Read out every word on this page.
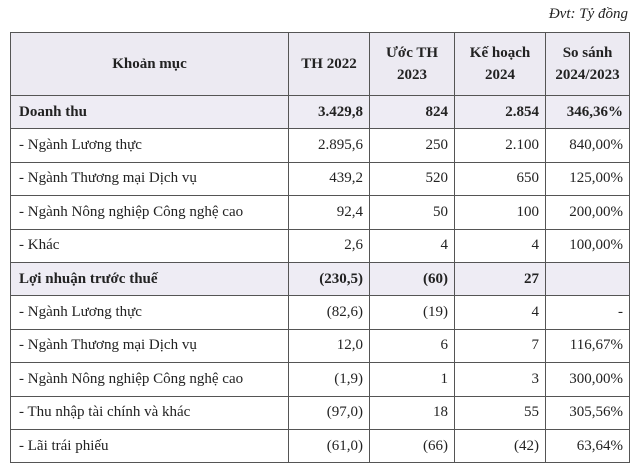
Đvt: Tỷ đồng
Khoản mục	TH 2022	Ước TH 2023	Kế hoạch 2024	So sánh 2024/2023
Doanh thu	3.429,8	824	2.854	346,36%
- Ngành Lương thực	2.895,6	250	2.100	840,00%
- Ngành Thương mại Dịch vụ	439,2	520	650	125,00%
- Ngành Nông nghiệp Công nghệ cao	92,4	50	100	200,00%
- Khác	2,6	4	4	100,00%
Lợi nhuận trước thuế	(230,5)	(60)	27	
- Ngành Lương thực	(82,6)	(19)	4	-
- Ngành Thương mại Dịch vụ	12,0	6	7	116,67%
- Ngành Nông nghiệp Công nghệ cao	(1,9)	1	3	300,00%
- Thu nhập tài chính và khác	(97,0)	18	55	305,56%
- Lãi trái phiếu	(61,0)	(66)	(42)	63,64%
